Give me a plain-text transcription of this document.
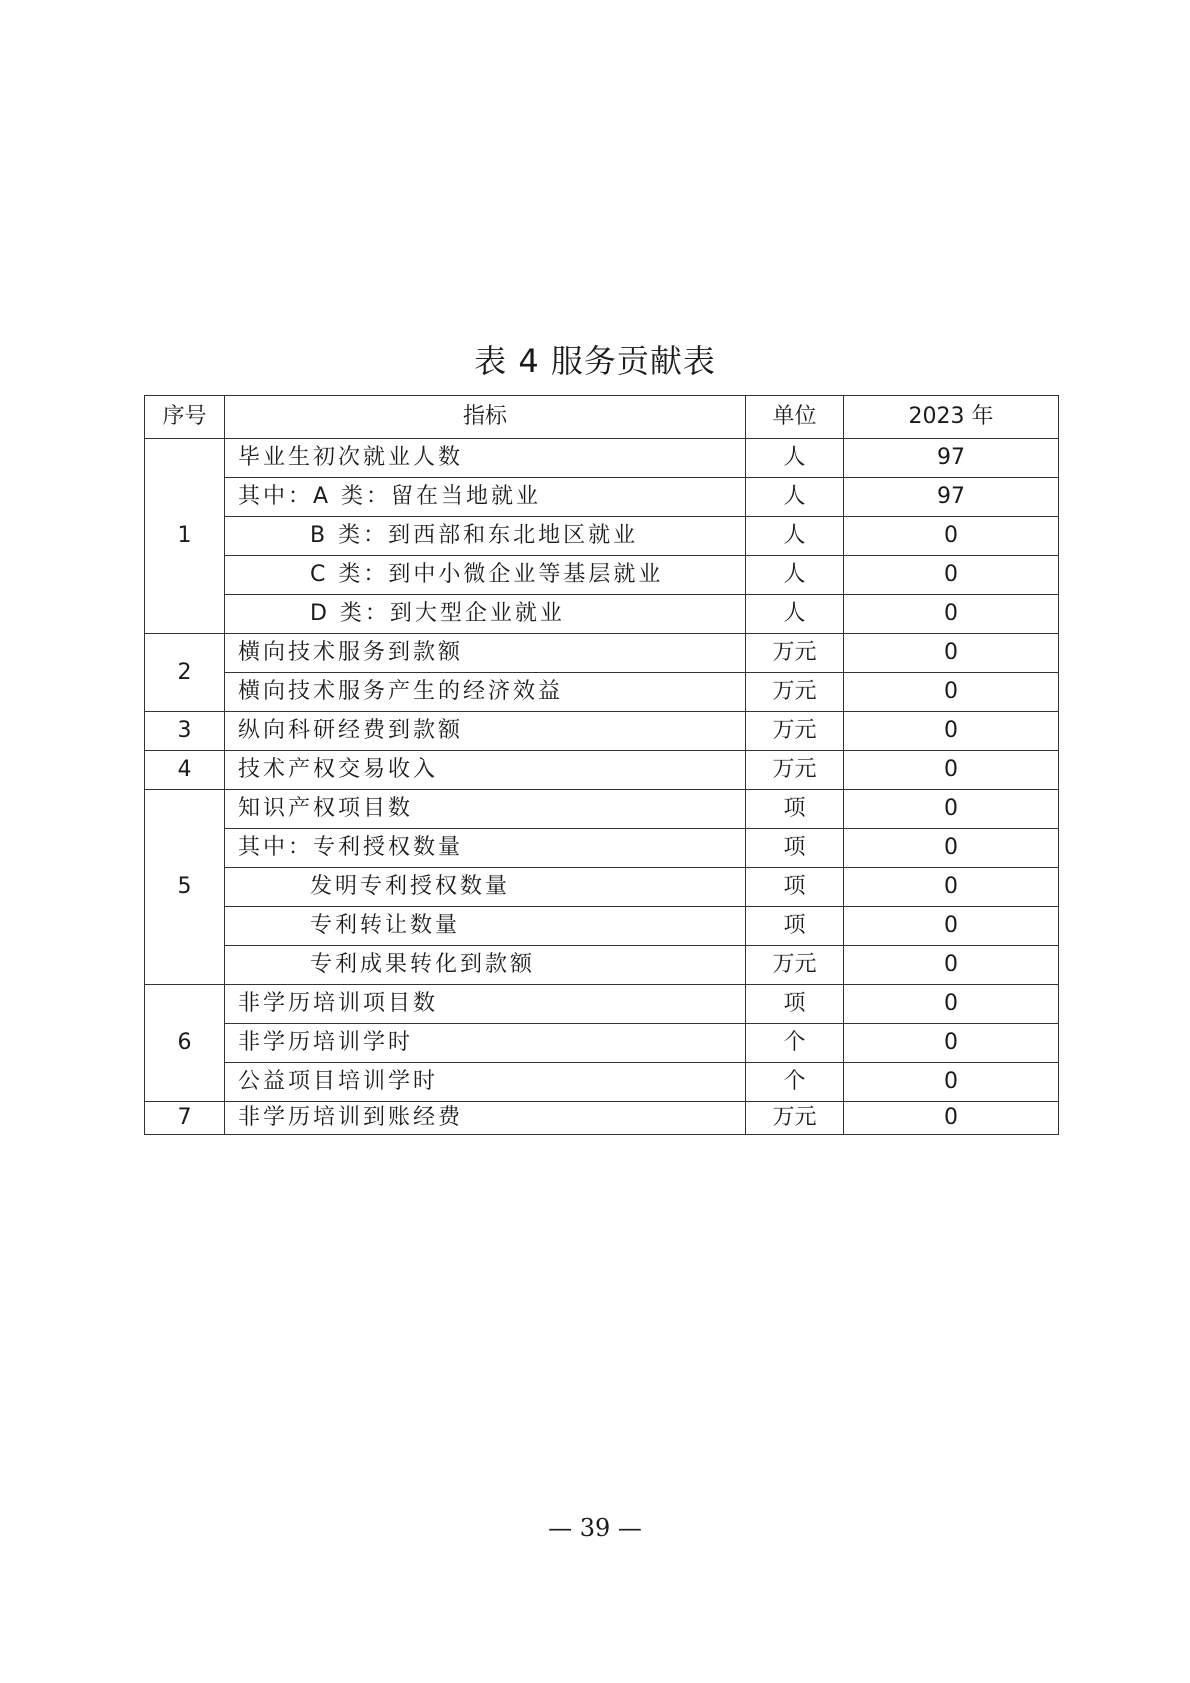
表 4 服务贡献表
序号	指标	单位	2023 年
1	毕业生初次就业人数	人	97
	其中：A 类：留在当地就业	人	97
	B 类：到西部和东北地区就业	人	0
	C 类：到中小微企业等基层就业	人	0
	D 类：到大型企业就业	人	0
2	横向技术服务到款额	万元	0
	横向技术服务产生的经济效益	万元	0
3	纵向科研经费到款额	万元	0
4	技术产权交易收入	万元	0
5	知识产权项目数	项	0
	其中：专利授权数量	项	0
	发明专利授权数量	项	0
	专利转让数量	项	0
	专利成果转化到款额	万元	0
6	非学历培训项目数	项	0
	非学历培训学时	个	0
	公益项目培训学时	个	0
7	非学历培训到账经费	万元	0
— 39 —
